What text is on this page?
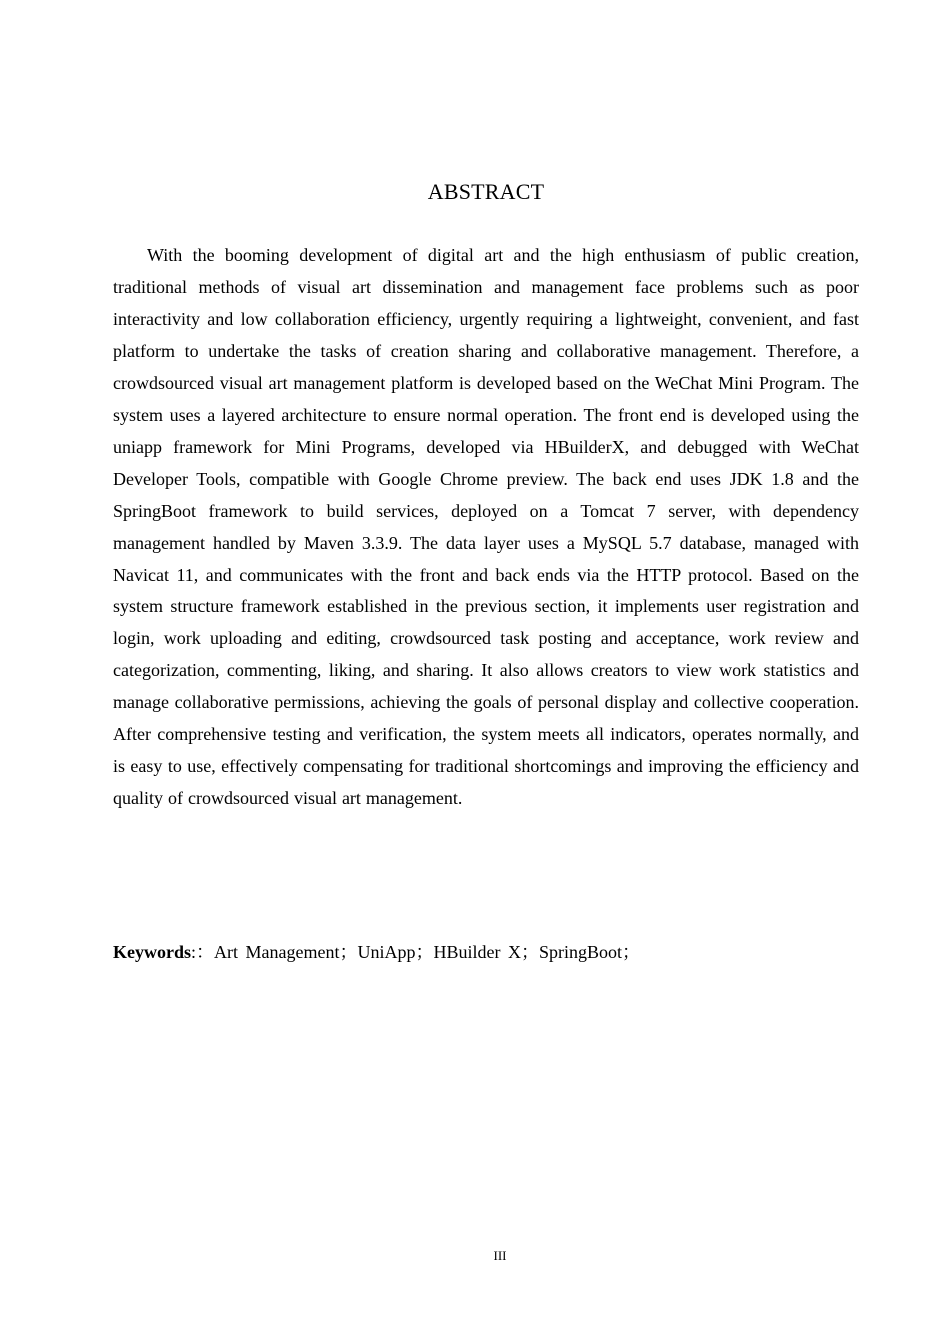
ABSTRACT

With the booming development of digital art and the high enthusiasm of public creation, traditional methods of visual art dissemination and management face problems such as poor interactivity and low collaboration efficiency, urgently requiring a lightweight, convenient, and fast platform to undertake the tasks of creation sharing and collaborative management. Therefore, a crowdsourced visual art management platform is developed based on the WeChat Mini Program. The system uses a layered architecture to ensure normal operation. The front end is developed using the uniapp framework for Mini Programs, developed via HBuilderX, and debugged with WeChat Developer Tools, compatible with Google Chrome preview. The back end uses JDK 1.8 and the SpringBoot framework to build services, deployed on a Tomcat 7 server, with dependency management handled by Maven 3.3.9. The data layer uses a MySQL 5.7 database, managed with Navicat 11, and communicates with the front and back ends via the HTTP protocol. Based on the system structure framework established in the previous section, it implements user registration and login, work uploading and editing, crowdsourced task posting and acceptance, work review and categorization, commenting, liking, and sharing. It also allows creators to view work statistics and manage collaborative permissions, achieving the goals of personal display and collective cooperation. After comprehensive testing and verification, the system meets all indicators, operates normally, and is easy to use, effectively compensating for traditional shortcomings and improving the efficiency and quality of crowdsourced visual art management.

Keywords:：Art Management；UniApp；HBuilder X；SpringBoot；

III
